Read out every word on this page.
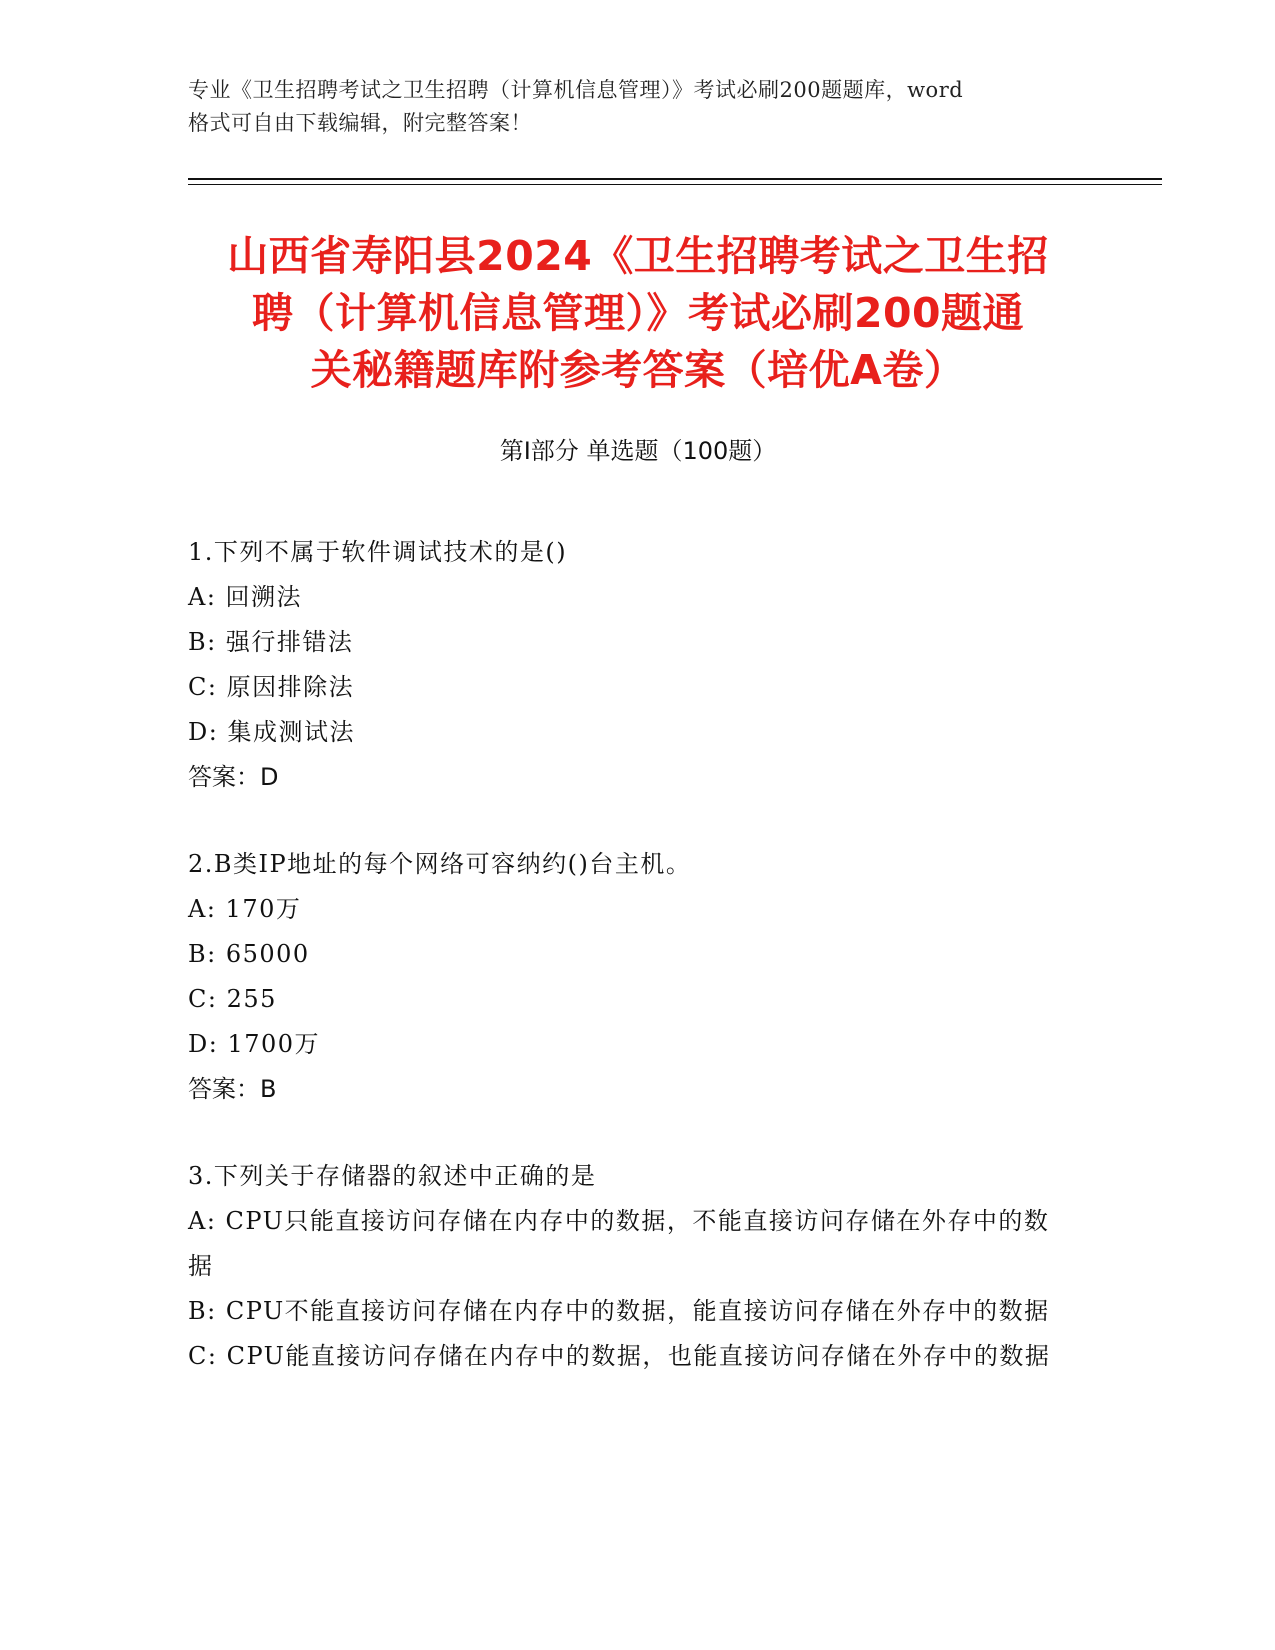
专业《卫生招聘考试之卫生招聘（计算机信息管理）》考试必刷200题题库，word
格式可自由下载编辑，附完整答案！
山西省寿阳县2024《卫生招聘考试之卫生招
聘（计算机信息管理）》考试必刷200题通
关秘籍题库附参考答案（培优A卷）
第Ⅰ部分 单选题（100题）
1.下列不属于软件调试技术的是()
A: 回溯法
B: 强行排错法
C: 原因排除法
D: 集成测试法
答案：D
2.B类IP地址的每个网络可容纳约()台主机。
A: 170万
B: 65000
C: 255
D: 1700万
答案：B
3.下列关于存储器的叙述中正确的是
A: CPU只能直接访问存储在内存中的数据，不能直接访问存储在外存中的数据
B: CPU不能直接访问存储在内存中的数据，能直接访问存储在外存中的数据
C: CPU能直接访问存储在内存中的数据，也能直接访问存储在外存中的数据
